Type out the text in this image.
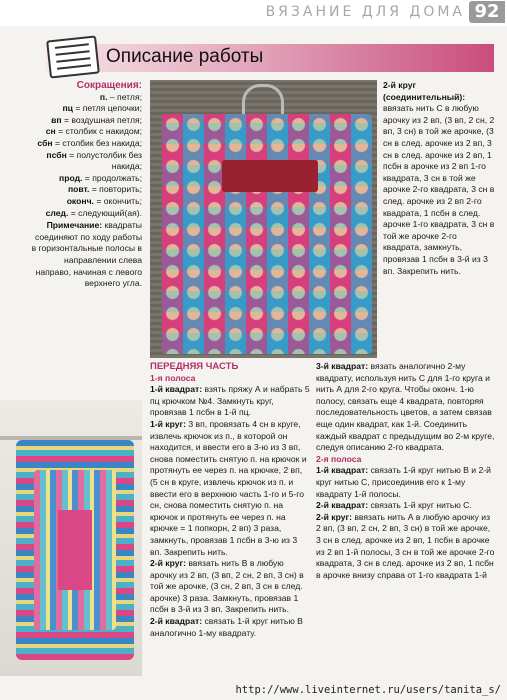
ВЯЗАНИЕ ДЛЯ ДОМА 92
Описание работы
Сокращения:
п. – петля;
пц = петля цепочки;
вп = воздушная петля;
сн = столбик с накидом;
сбн = столбик без накида;
псбн = полустолбик без накида;
прод. = продолжать;
повт. = повторить;
оконч. = окончить;
след. = следующий(ая).
Примечание: квадраты соединяют по ходу работы в горизонтальные полосы в направлении слева направо, начиная с левого верхнего угла.
ПЕРЕДНЯЯ ЧАСТЬ
1-я полоса
1-й квадрат: взять пряжу А и набрать 5 пц крючком №4. Замкнуть круг, провязав 1 псбн в 1-й пц.
1-й круг: 3 вп, провязать 4 сн в круге, извлечь крючок из п., в которой он находится, и ввести его в 3-ю из 3 вп, снова поместить снятую п. на крючок и протянуть ее через п. на крючке, 2 вп, (5 сн в круге, извлечь крючок из п. и ввести его в верхнюю часть 1-го и 5-го сн, снова поместить снятую п. на крючок и протянуть ее через п. на крючке = 1 попкорн, 2 вп) 3 раза, замкнуть, провязав 1 псбн в 3-ю из 3 вп. Закрепить нить.
2-й круг: ввязать нить В в любую арочку из 2 вп, (3 вп, 2 сн, 2 вп, 3 сн) в той же арочке, (3 сн, 2 вп, 3 сн в след. арочке) 3 раза. Замкнуть, провязав 1 псбн в 3-й из 3 вп. Закрепить нить.
2-й квадрат: связать 1-й круг нитью В аналогично 1-му квадрату.
2-й круг (соединительный): ввязать нить С в любую арочку из 2 вп, (3 вп, 2 сн, 2 вп, 3 сн) в той же арочке, (3 сн в след. арочке из 2 вп, 3 сн в след. арочке из 2 вп, 1 псбн в арочке из 2 вп 1-го квадрата, 3 сн в той же арочке 2-го квадрата, 3 сн в след. арочке из 2 вп 2-го квадрата, 1 псбн в след. арочке 1-го квадрата, 3 сн в той же арочке 2-го квадрата, замкнуть, провязав 1 псбн в 3-й из 3 вп. Закрепить нить.
3-й квадрат: вязать аналогично 2-му квадрату, используя нить С для 1-го круга и нить А для 2-го круга. Чтобы оконч. 1-ю полосу, связать еще 4 квадрата, повторяя последовательность цветов, а затем связав еще один квадрат, как 1-й. Соединить каждый квадрат с предыдущим во 2-м круге, следуя описанию 2-го квадрата.
2-я полоса
1-й квадрат: связать 1-й круг нитью В и 2-й круг нитью С, присоединив его к 1-му квадрату 1-й полосы.
2-й квадрат: связать 1-й круг нитью С.
2-й круг: ввязать нить А в любую арочку из 2 вп, (3 вп, 2 сн, 2 вп, 3 сн) в той же арочке, 3 сн в след. арочке из 2 вп, 1 псбн в арочке из 2 вп 1-й полосы, 3 сн в той же арочке 2-го квадрата, 3 сн в след. арочке из 2 вп, 1 псбн в арочке внизу справа от 1-го квадрата 1-й
http://www.liveinternet.ru/users/tanita_s/
